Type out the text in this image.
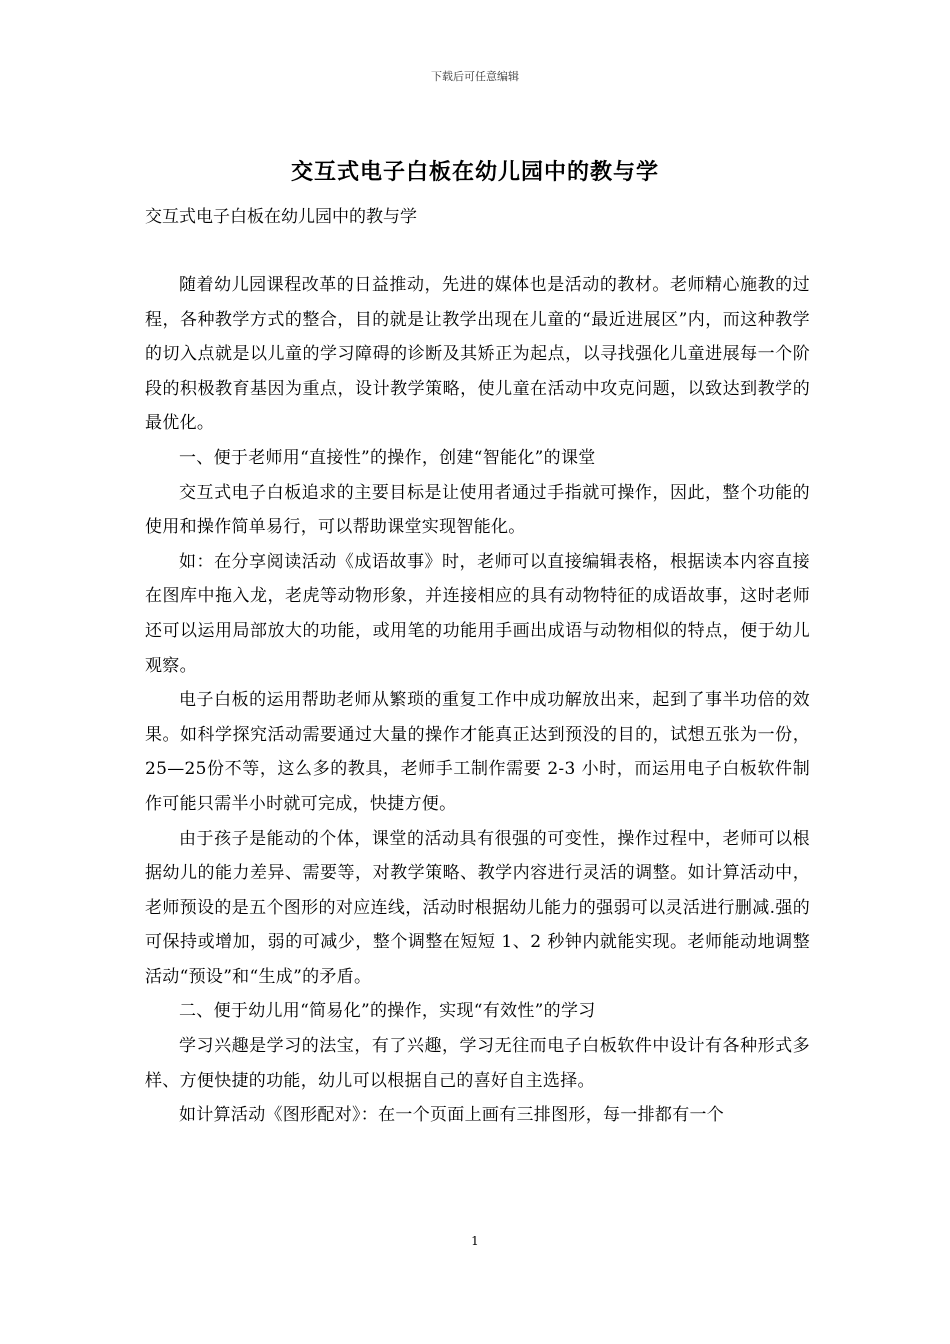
下载后可任意编辑
交互式电子白板在幼儿园中的教与学
交互式电子白板在幼儿园中的教与学

随着幼儿园课程改革的日益推动，先进的媒体也是活动的教材。老师精心施教的过程，各种教学方式的整合，目的就是让教学出现在儿童的“最近进展区”内，而这种教学的切入点就是以儿童的学习障碍的诊断及其矫正为起点，以寻找强化儿童进展每一个阶段的积极教育基因为重点，设计教学策略，使儿童在活动中攻克问题，以致达到教学的最优化。

一、便于老师用“直接性”的操作，创建“智能化”的课堂

交互式电子白板追求的主要目标是让使用者通过手指就可操作，因此，整个功能的使用和操作简单易行，可以帮助课堂实现智能化。

如：在分享阅读活动《成语故事》时，老师可以直接编辑表格，根据读本内容直接在图库中拖入龙，老虎等动物形象，并连接相应的具有动物特征的成语故事，这时老师还可以运用局部放大的功能，或用笔的功能用手画出成语与动物相似的特点，便于幼儿观察。

电子白板的运用帮助老师从繁琐的重复工作中成功解放出来，起到了事半功倍的效果。如科学探究活动需要通过大量的操作才能真正达到预没的目的，试想五张为一份，25—25份不等，这么多的教具，老师手工制作需要 2-3 小时，而运用电子白板软件制作可能只需半小时就可完成，快捷方便。

由于孩子是能动的个体，课堂的活动具有很强的可变性，操作过程中，老师可以根据幼儿的能力差异、需要等，对教学策略、教学内容进行灵活的调整。如计算活动中，老师预设的是五个图形的对应连线，活动时根据幼儿能力的强弱可以灵活进行删减.强的可保持或增加，弱的可减少，整个调整在短短 1、2 秒钟内就能实现。老师能动地调整活动“预设”和“生成”的矛盾。

二、便于幼儿用“简易化”的操作，实现“有效性”的学习

学习兴趣是学习的法宝，有了兴趣，学习无往而电子白板软件中设计有各种形式多样、方便快捷的功能，幼儿可以根据自己的喜好自主选择。

如计算活动《图形配对》：在一个页面上画有三排图形，每一排都有一个

1
